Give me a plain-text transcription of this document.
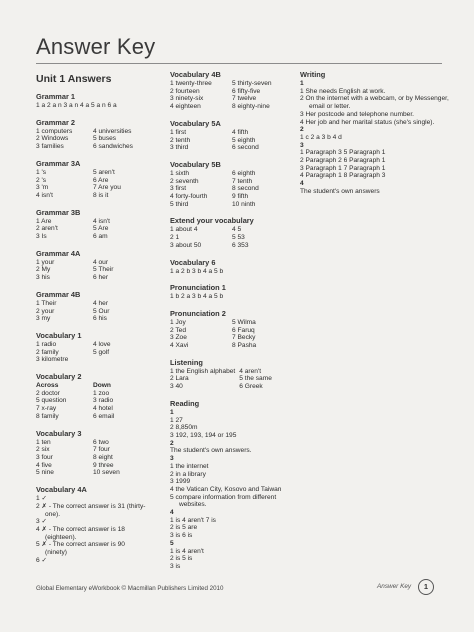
Answer Key
Unit 1 Answers
Grammar 1
1 a 2 a n 3 a n 4 a 5 a n 6 a
Grammar 2
1 computers	4 universities
2 Windows	5 buses
3 families	6 sandwiches
Grammar 3A
1 's	5 aren't
2 's	6 Are
3 'm	7 Are you
4 isn't	8 is it
Grammar 3B
1 Are	4 isn't
2 aren't	5 Are
3 Is	6 am
Grammar 4A
1 your	4 our
2 My	5 Their
3 his	6 her
Grammar 4B
1 Their	4 her
2 your	5 Our
3 my	6 his
Vocabulary 1
1 radio	4 love
2 family	5 golf
3 kilometre
Vocabulary 2
Across	Down
2 doctor	1 zoo
5 question	3 radio
7 x-ray	4 hotel
8 family	6 email
Vocabulary 3
1 ten	6 two
2 six	7 four
3 four	8 eight
4 five	9 three
5 nine	10 seven
Vocabulary 4A
1 ✓
2 ✗ - The correct answer is 31 (thirty-one).
3 ✓
4 ✗ - The correct answer is 18 (eighteen).
5 ✗ - The correct answer is 90 (ninety)
6 ✓
Vocabulary 4B
1 twenty-three	5 thirty-seven
2 fourteen	6 fifty-five
3 ninety-six	7 twelve
4 eighteen	8 eighty-nine
Vocabulary 5A
1 first	4 fifth
2 tenth	5 eighth
3 third	6 second
Vocabulary 5B
1 sixth	6 eighth
2 seventh	7 tenth
3 first	8 second
4 forty-fourth	9 fifth
5 third	10 ninth
Extend your vocabulary
1 about 4	4 5
2 1	5 53
3 about 50	6 353
Vocabulary 6
1 a 2 b 3 b 4 a 5 b
Pronunciation 1
1 b 2 a 3 b 4 a 5 b
Pronunciation 2
1 Joy	5 Wilma
2 Ted	6 Faruq
3 Zoe	7 Becky
4 Xavi	8 Pasha
Listening
1 the English alphabet 4 aren't
2 Lara	5 the same
3 40	6 Greek
Reading
1
1 27
2 8,850m
3 192, 193, 194 or 195
2
The student's own answers.
3
1 the internet
2 in a library
3 1999
4 the Vatican City, Kosovo and Taiwan
5 compare information from different websites.
4
1 is 4 aren't 7 is
2 is 5 are
3 is 6 is
5
1 is 4 aren't
2 is 5 is
3 is
Writing
1
1 She needs English at work.
2 On the internet with a webcam, or by Messenger, email or letter.
3 Her postcode and telephone number.
4 Her job and her marital status (she's single).
2
1 c 2 a 3 b 4 d
3
1 Paragraph 3 5 Paragraph 1
2 Paragraph 2 6 Paragraph 1
3 Paragraph 1 7 Paragraph 1
4 Paragraph 1 8 Paragraph 3
4
The student's own answers
Global Elementary eWorkbook © Macmillan Publishers Limited 2010	Answer Key	1
